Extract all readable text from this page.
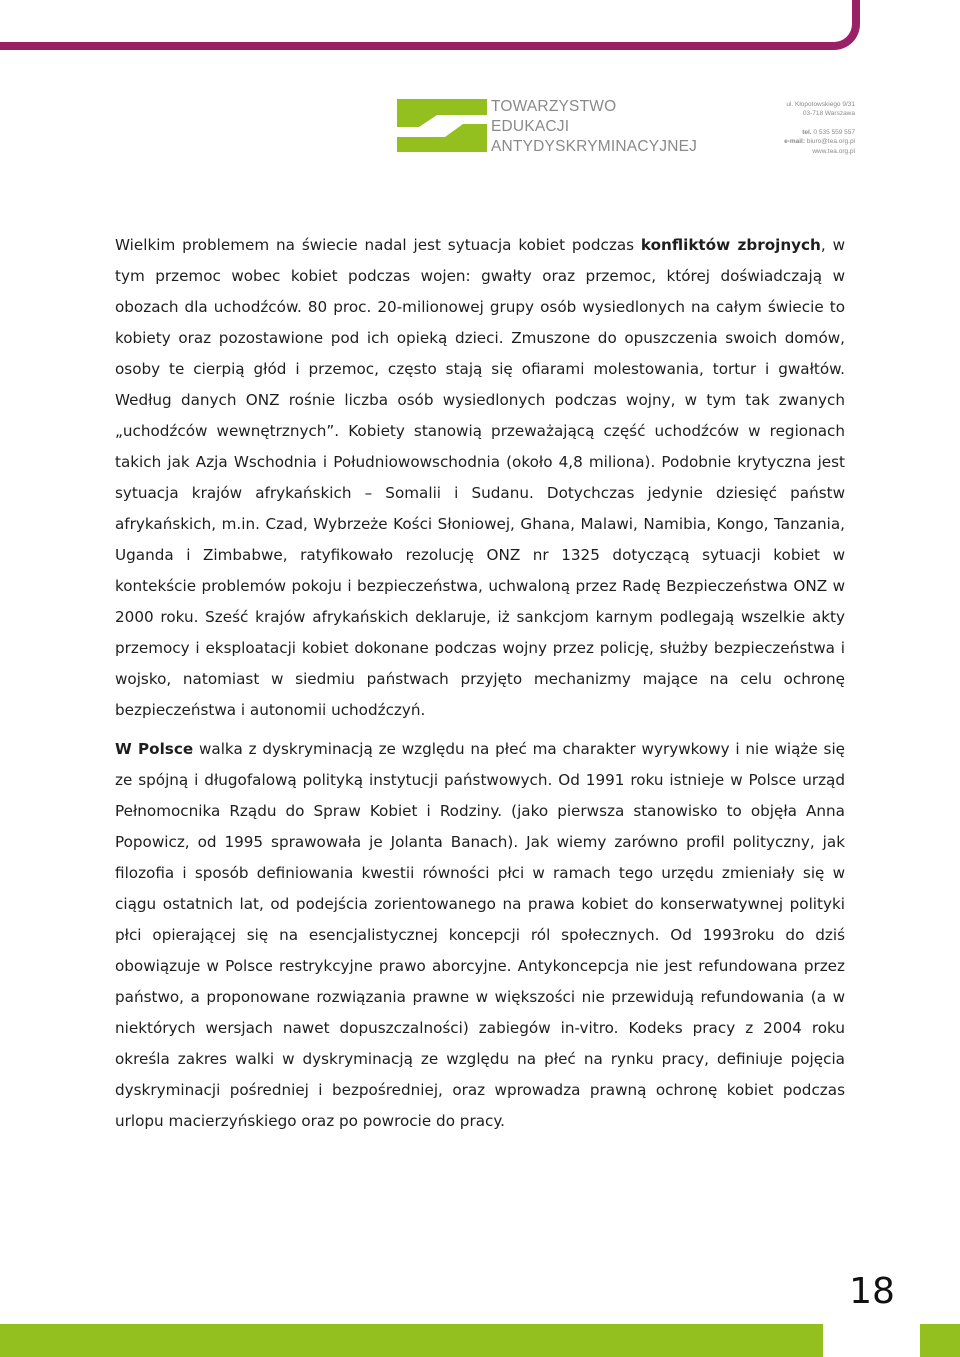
TOWARZYSTWO
EDUKACJI
ANTYDYSKRYMINACYJNEJ
ul. Kłopotowskiego 9/31
03-718 Warszawa
tel. 0 535 559 557
e-mail: biuro@tea.org.pl
www.tea.org.pl

Wielkim problemem na świecie nadal jest sytuacja kobiet podczas konfliktów zbrojnych, w tym przemoc wobec kobiet podczas wojen: gwałty oraz przemoc, której doświadczają w obozach dla uchodźców. 80 proc. 20-milionowej grupy osób wysiedlonych na całym świecie to kobiety oraz pozostawione pod ich opieką dzieci. Zmuszone do opuszczenia swoich domów, osoby te cierpią głód i przemoc, często stają się ofiarami molestowania, tortur i gwałtów. Według danych ONZ rośnie liczba osób wysiedlonych podczas wojny, w tym tak zwanych „uchodźców wewnętrznych”. Kobiety stanowią przeważającą część uchodźców w regionach takich jak Azja Wschodnia i Południowowschodnia (około 4,8 miliona). Podobnie krytyczna jest sytuacja krajów afrykańskich – Somalii i Sudanu. Dotychczas jedynie dziesięć państw afrykańskich, m.in. Czad, Wybrzeże Kości Słoniowej, Ghana, Malawi, Namibia, Kongo, Tanzania, Uganda i Zimbabwe, ratyfikowało rezolucję ONZ nr 1325 dotyczącą sytuacji kobiet w kontekście problemów pokoju i bezpieczeństwa, uchwaloną przez Radę Bezpieczeństwa ONZ w 2000 roku. Sześć krajów afrykańskich deklaruje, iż sankcjom karnym podlegają wszelkie akty przemocy i eksploatacji kobiet dokonane podczas wojny przez policję, służby bezpieczeństwa i wojsko, natomiast w siedmiu państwach przyjęto mechanizmy mające na celu ochronę bezpieczeństwa i autonomii uchodźczyń.

W Polsce walka z dyskryminacją ze względu na płeć ma charakter wyrywkowy i nie wiąże się ze spójną i długofalową polityką instytucji państwowych. Od 1991 roku istnieje w Polsce urząd Pełnomocnika Rządu do Spraw Kobiet i Rodziny. (jako pierwsza stanowisko to objęła Anna Popowicz, od 1995 sprawowała je Jolanta Banach). Jak wiemy zarówno profil polityczny, jak filozofia i sposób definiowania kwestii równości płci w ramach tego urzędu zmieniały się w ciągu ostatnich lat, od podejścia zorientowanego na prawa kobiet do konserwatywnej polityki płci opierającej się na esencjalistycznej koncepcji ról społecznych. Od 1993roku do dziś obowiązuje w Polsce restrykcyjne prawo aborcyjne. Antykoncepcja nie jest refundowana przez państwo, a proponowane rozwiązania prawne w większości nie przewidują refundowania (a w niektórych wersjach nawet dopuszczalności) zabiegów in-vitro. Kodeks pracy z 2004 roku określa zakres walki w dyskryminacją ze względu na płeć na rynku pracy, definiuje pojęcia dyskryminacji pośredniej i bezpośredniej, oraz wprowadza prawną ochronę kobiet podczas urlopu macierzyńskiego oraz po powrocie do pracy.

18
